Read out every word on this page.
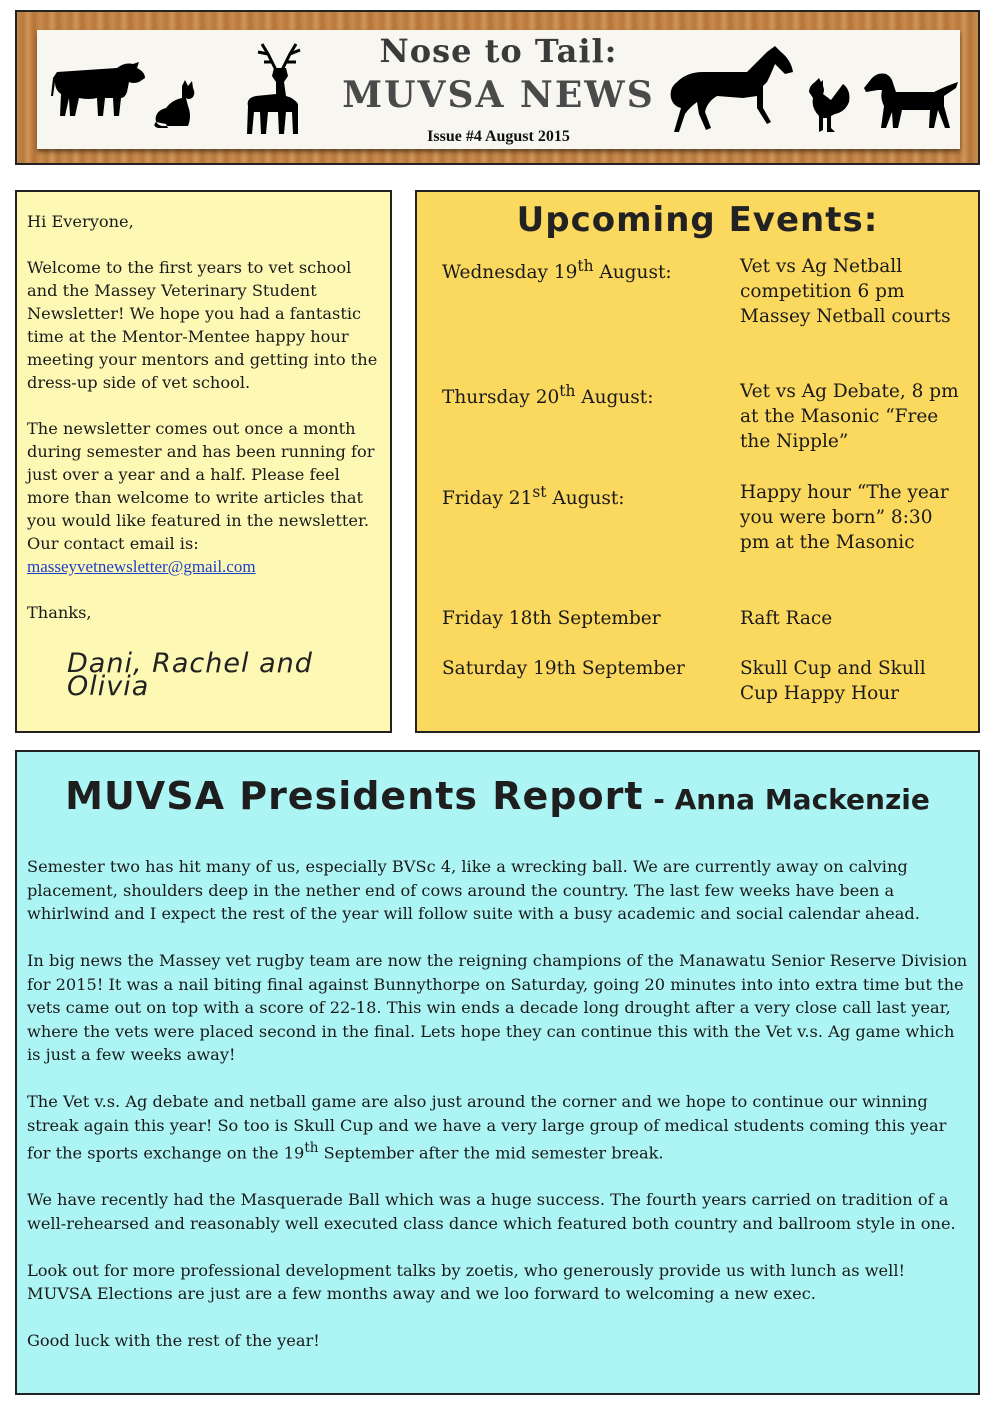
Nose to Tail:
MUVSA NEWS
Issue #4 August 2015

Hi Everyone,

Welcome to the first years to vet school and the Massey Veterinary Student Newsletter! We hope you had a fantastic time at the Mentor-Mentee happy hour meeting your mentors and getting into the dress-up side of vet school.

The newsletter comes out once a month during semester and has been running for just over a year and a half. Please feel more than welcome to write articles that you would like featured in the newsletter. Our contact email is:
masseyvetnewsletter@gmail.com

Thanks,

Dani, Rachel and Olivia
Upcoming Events:
Wednesday 19th August:	Vet vs Ag Netball competition 6 pm Massey Netball courts
Thursday 20th August:	Vet vs Ag Debate, 8 pm at the Masonic “Free the Nipple”
Friday 21st August:	Happy hour “The year you were born” 8:30 pm at the Masonic
Friday 18th September	Raft Race
Saturday 19th September	Skull Cup and Skull Cup Happy Hour
MUVSA Presidents Report - Anna Mackenzie

Semester two has hit many of us, especially BVSc 4, like a wrecking ball. We are currently away on calving placement, shoulders deep in the nether end of cows around the country. The last few weeks have been a whirlwind and I expect the rest of the year will follow suite with a busy academic and social calendar ahead.

In big news the Massey vet rugby team are now the reigning champions of the Manawatu Senior Reserve Division for 2015! It was a nail biting final against Bunnythorpe on Saturday, going 20 minutes into into extra time but the vets came out on top with a score of 22-18. This win ends a decade long drought after a very close call last year, where the vets were placed second in the final. Lets hope they can continue this with the Vet v.s. Ag game which is just a few weeks away!

The Vet v.s. Ag debate and netball game are also just around the corner and we hope to continue our winning streak again this year! So too is Skull Cup and we have a very large group of medical students coming this year for the sports exchange on the 19th September after the mid semester break.

We have recently had the Masquerade Ball which was a huge success. The fourth years carried on tradition of a well-rehearsed and reasonably well executed class dance which featured both country and ballroom style in one.

Look out for more professional development talks by zoetis, who generously provide us with lunch as well! MUVSA Elections are just are a few months away and we loo forward to welcoming a new exec.

Good luck with the rest of the year!
